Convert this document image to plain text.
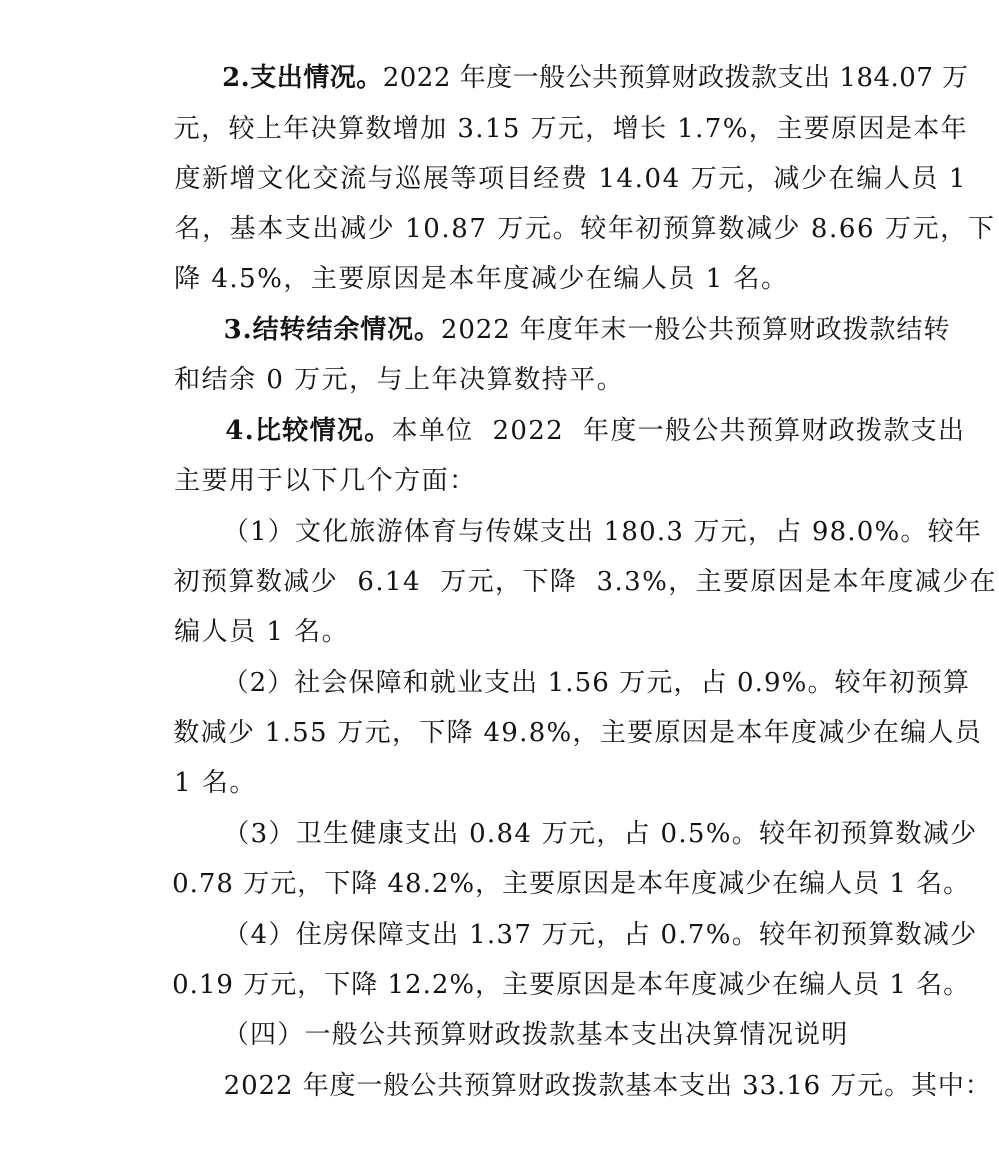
2.支出情况。2022 年度一般公共预算财政拨款支出 184.07 万

元，较上年决算数增加 3.15 万元，增长 1.7%，主要原因是本年

度新增文化交流与巡展等项目经费 14.04 万元，减少在编人员 1

名，基本支出减少 10.87 万元。较年初预算数减少 8.66 万元，下

降 4.5%，主要原因是本年度减少在编人员 1 名。

3.结转结余情况。2022 年度年末一般公共预算财政拨款结转

和结余 0 万元，与上年决算数持平。

4.比较情况。本单位  2022  年度一般公共预算财政拨款支出

主要用于以下几个方面：

（1）文化旅游体育与传媒支出 180.3 万元，占 98.0%。较年

初预算数减少  6.14  万元，下降  3.3%，主要原因是本年度减少在

编人员 1 名。

（2）社会保障和就业支出 1.56 万元，占 0.9%。较年初预算

数减少 1.55 万元，下降 49.8%，主要原因是本年度减少在编人员

1 名。

（3）卫生健康支出 0.84 万元，占 0.5%。较年初预算数减少

0.78 万元，下降 48.2%，主要原因是本年度减少在编人员 1 名。

（4）住房保障支出 1.37 万元，占 0.7%。较年初预算数减少

0.19 万元，下降 12.2%，主要原因是本年度减少在编人员 1 名。

（四）一般公共预算财政拨款基本支出决算情况说明

2022 年度一般公共预算财政拨款基本支出 33.16 万元。其中：
